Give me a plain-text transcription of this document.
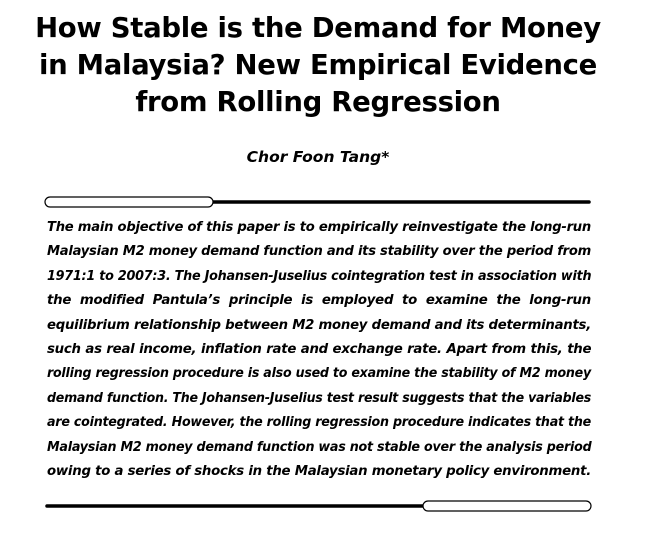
How Stable is the Demand for Money
in Malaysia? New Empirical Evidence
from Rolling Regression
Chor Foon Tang*
The main objective of this paper is to empirically reinvestigate the long-run
Malaysian M2 money demand function and its stability over the period from
1971:1 to 2007:3. The Johansen-Juselius cointegration test in association with
the modified Pantula’s principle is employed to examine the long-run
equilibrium relationship between M2 money demand and its determinants,
such as real income, inflation rate and exchange rate. Apart from this, the
rolling regression procedure is also used to examine the stability of M2 money
demand function. The Johansen-Juselius test result suggests that the variables
are cointegrated. However, the rolling regression procedure indicates that the
Malaysian M2 money demand function was not stable over the analysis period
owing to a series of shocks in the Malaysian monetary policy environment.
